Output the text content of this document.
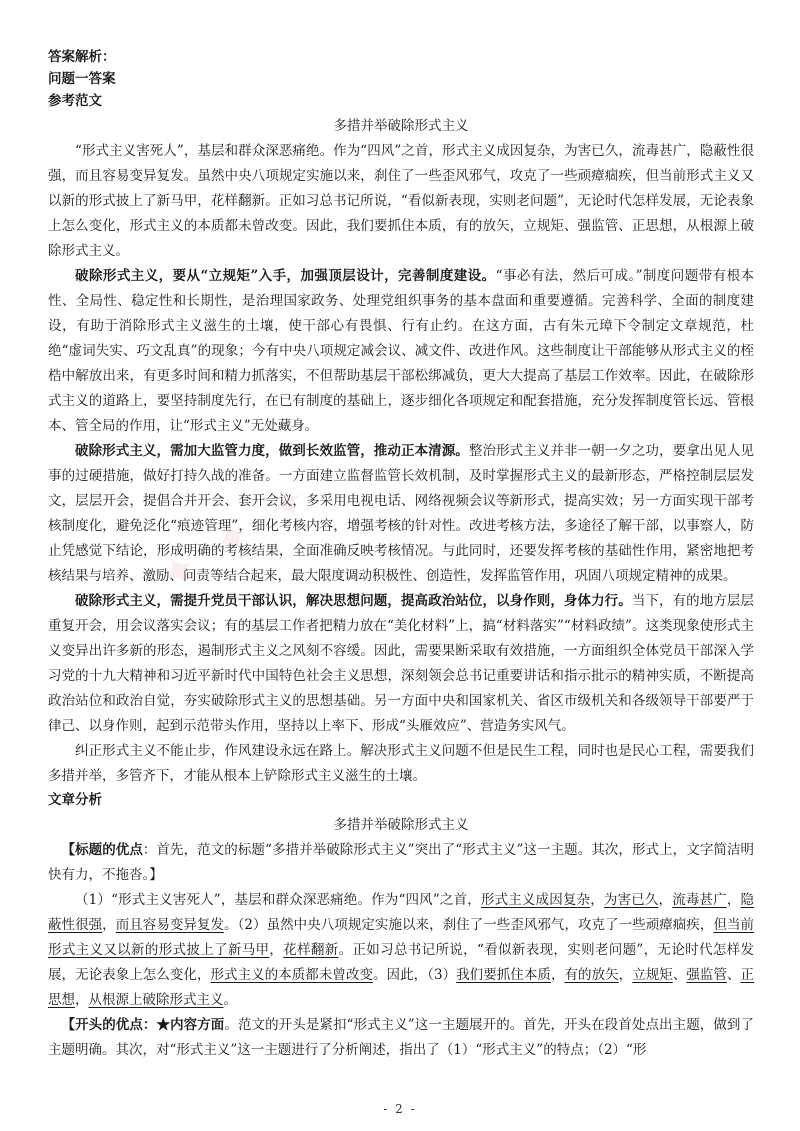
答案解析：
问题一答案
参考范文
多措并举破除形式主义

“形式主义害死人”，基层和群众深恶痛绝。作为“四风”之首，形式主义成因复杂，为害已久，流毒甚广，隐蔽性很强，而且容易变异复发。虽然中央八项规定实施以来，刹住了一些歪风邪气，攻克了一些顽瘴痼疾，但当前形式主义又以新的形式披上了新马甲，花样翻新。正如习总书记所说，“看似新表现，实则老问题”，无论时代怎样发展，无论表象上怎么变化，形式主义的本质都未曾改变。因此，我们要抓住本质，有的放矢，立规矩、强监管、正思想，从根源上破除形式主义。

破除形式主义，要从“立规矩”入手，加强顶层设计，完善制度建设。“事必有法，然后可成。”制度问题带有根本性、全局性、稳定性和长期性，是治理国家政务、处理党组织事务的基本盘面和重要遵循。完善科学、全面的制度建设，有助于消除形式主义滋生的土壤，使干部心有畏惧、行有止约。在这方面，古有朱元璋下令制定文章规范，杜绝“虚词失实、巧文乱真”的现象；今有中央八项规定减会议、减文件、改进作风。这些制度让干部能够从形式主义的桎梏中解放出来，有更多时间和精力抓落实，不但帮助基层干部松绑减负，更大大提高了基层工作效率。因此，在破除形式主义的道路上，要坚持制度先行，在已有制度的基础上，逐步细化各项规定和配套措施，充分发挥制度管长远、管根本、管全局的作用，让“形式主义”无处藏身。

破除形式主义，需加大监管力度，做到长效监管，推动正本清源。整治形式主义并非一朝一夕之功，要拿出见人见事的过硬措施，做好打持久战的准备。一方面建立监督监管长效机制，及时掌握形式主义的最新形态，严格控制层层发文，层层开会，提倡合并开会、套开会议，多采用电视电话、网络视频会议等新形式，提高实效；另一方面实现干部考核制度化，避免泛化“痕迹管理”，细化考核内容，增强考核的针对性。改进考核方法，多途径了解干部，以事察人，防止凭感觉下结论，形成明确的考核结果，全面准确反映考核情况。与此同时，还要发挥考核的基础性作用，紧密地把考核结果与培养、激励、问责等结合起来，最大限度调动积极性、创造性，发挥监管作用，巩固八项规定精神的成果。

破除形式主义，需提升党员干部认识，解决思想问题，提高政治站位，以身作则，身体力行。当下，有的地方层层重复开会，用会议落实会议；有的基层工作者把精力放在“美化材料”上，搞“材料落实”“材料政绩”。这类现象使形式主义变异出许多新的形态，遏制形式主义之风刻不容缓。因此，需要果断采取有效措施，一方面组织全体党员干部深入学习党的十九大精神和习近平新时代中国特色社会主义思想，深刻领会总书记重要讲话和指示批示的精神实质，不断提高政治站位和政治自觉，夯实破除形式主义的思想基础。另一方面中央和国家机关、省区市级机关和各级领导干部要严于律己、以身作则，起到示范带头作用，坚持以上率下、形成“头雁效应”、营造务实风气。

纠正形式主义不能止步，作风建设永远在路上。解决形式主义问题不但是民生工程，同时也是民心工程，需要我们多措并举，多管齐下，才能从根本上铲除形式主义滋生的土壤。

文章分析
多措并举破除形式主义

【标题的优点：首先，范文的标题“多措并举破除形式主义”突出了“形式主义”这一主题。其次，形式上，文字简洁明快有力，不拖沓。】

（1）“形式主义害死人”，基层和群众深恶痛绝。作为“四风”之首，形式主义成因复杂，为害已久，流毒甚广，隐蔽性很强，而且容易变异复发。（2）虽然中央八项规定实施以来，刹住了一些歪风邪气，攻克了一些顽瘴痼疾，但当前形式主义又以新的形式披上了新马甲，花样翻新。正如习总书记所说，“看似新表现，实则老问题”，无论时代怎样发展，无论表象上怎么变化，形式主义的本质都未曾改变。因此，（3）我们要抓住本质，有的放矢，立规矩、强监管、正思想，从根源上破除形式主义。

【开头的优点：★内容方面。范文的开头是紧扣“形式主义”这一主题展开的。首先，开头在段首处点出主题，做到了主题明确。其次，对“形式主义”这一主题进行了分析阐述，指出了（1）“形式主义”的特点；（2）“形

✦ ✦ ✦
- 2 -
